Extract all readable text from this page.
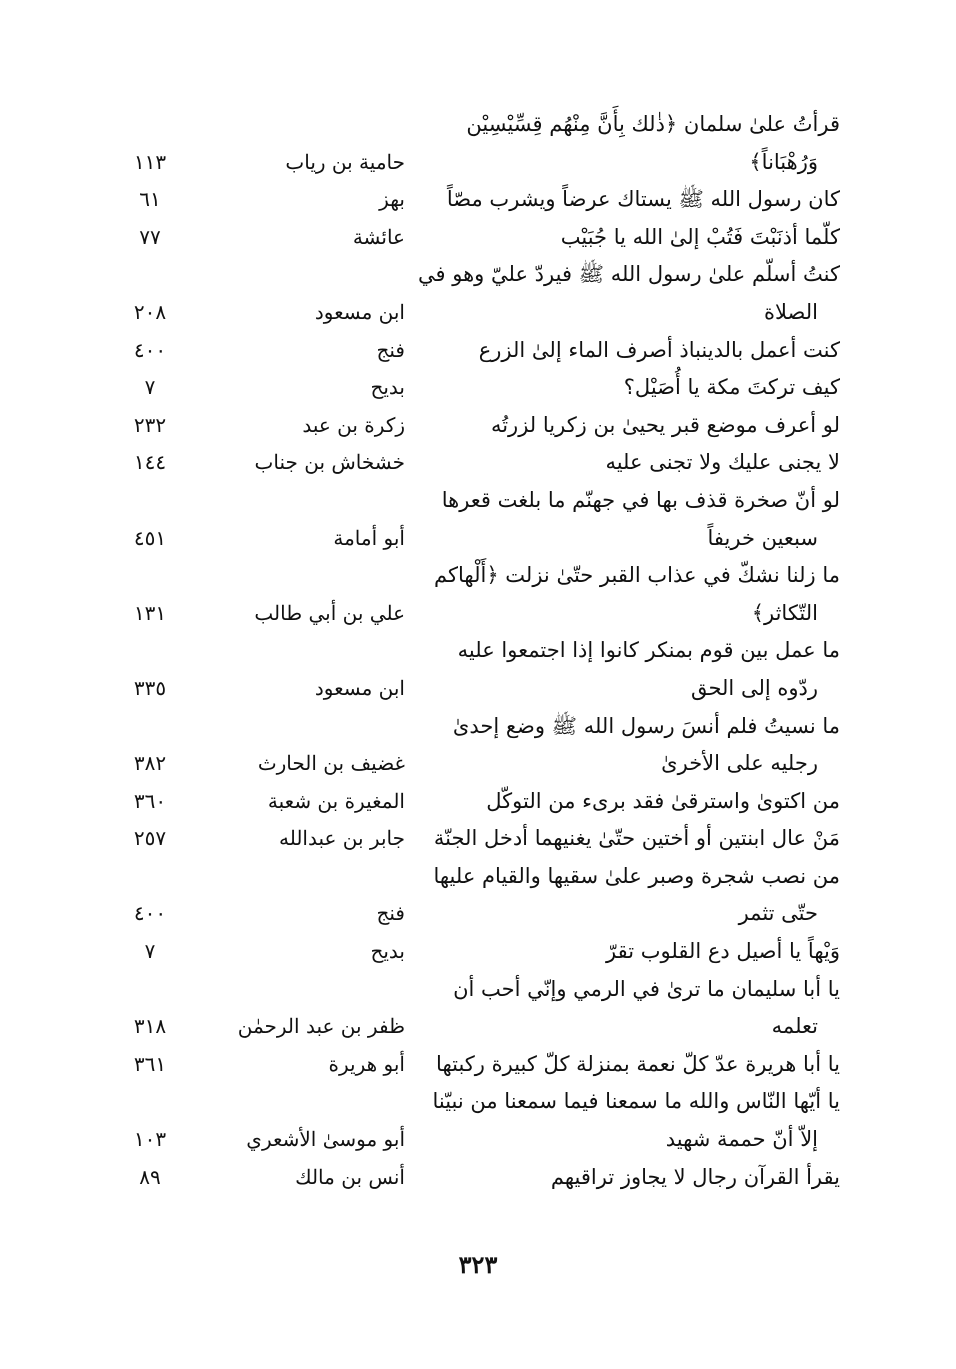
قرأتُ علىٰ سلمان ﴿ذٰلك بِأَنَّ مِنْهُم قِسِّيْسِيْن
وَرُهْبَاناً﴾
حامية بن رياب
١١٣
كان رسول الله ﷺ يستاك عرضاً ويشرب مصّاً
بهز
٦١
كلّما أذنَبْتَ فَتُبْ إلىٰ الله يا جُبَيْب
عائشة
٧٧
كنتُ أسلّم علىٰ رسول الله ﷺ فيردّ عليّ وهو في
الصلاة
ابن مسعود
٢٠٨
كنت أعمل بالدينباذ أصرف الماء إلىٰ الزرع
فنج
٤٠٠
كيف تركتَ مكة يا أُصَيْل؟
بديح
٧
لو أعرف موضع قبر يحيىٰ بن زكريا لزرتُه
زكرة بن عبد
٢٣٢
لا يجنى عليك ولا تجنى عليه
خشخاش بن جناب
١٤٤
لو أنّ صخرة قذف بها في جهنّم ما بلغت قعرها
سبعين خريفاً
أبو أمامة
٤٥١
ما زلنا نشكّ في عذاب القبر حتّىٰ نزلت ﴿أَلْهاكم
التّكاثر﴾
علي بن أبي طالب
١٣١
ما عمل بين قوم بمنكر كانوا إذا اجتمعوا عليه
ردّوه إلى الحق
ابن مسعود
٣٣٥
ما نسيتُ فلم أنسَ رسول الله ﷺ وضع إحدىٰ
رجليه على الأخرىٰ
غضيف بن الحارث
٣٨٢
من اكتوىٰ واسترقىٰ فقد برىء من التوكّل
المغيرة بن شعبة
٣٦٠
مَنْ عال ابنتين أو أختين حتّىٰ يغنيهما أدخل الجنّة
جابر بن عبدالله
٢٥٧
من نصب شجرة وصبر علىٰ سقيها والقيام عليها
حتّى تثمر
فنج
٤٠٠
وَيْهاً يا أصيل دع القلوب تقرّ
بديح
٧
يا أبا سليمان ما ترىٰ في الرمي وإنّي أحب أن
تعلمه
ظفر بن عبد الرحمٰن
٣١٨
يا أبا هريرة عدّ كلّ نعمة بمنزلة كلّ كبيرة ركبتها
أبو هريرة
٣٦١
يا أيّها النّاس والله ما سمعنا فيما سمعنا من نبيّنا
إلاّ أنّ حممة شهيد
أبو موسىٰ الأشعري
١٠٣
يقرأ القرآن رجال لا يجاوز تراقيهم
أنس بن مالك
٨٩
٣٢٣
